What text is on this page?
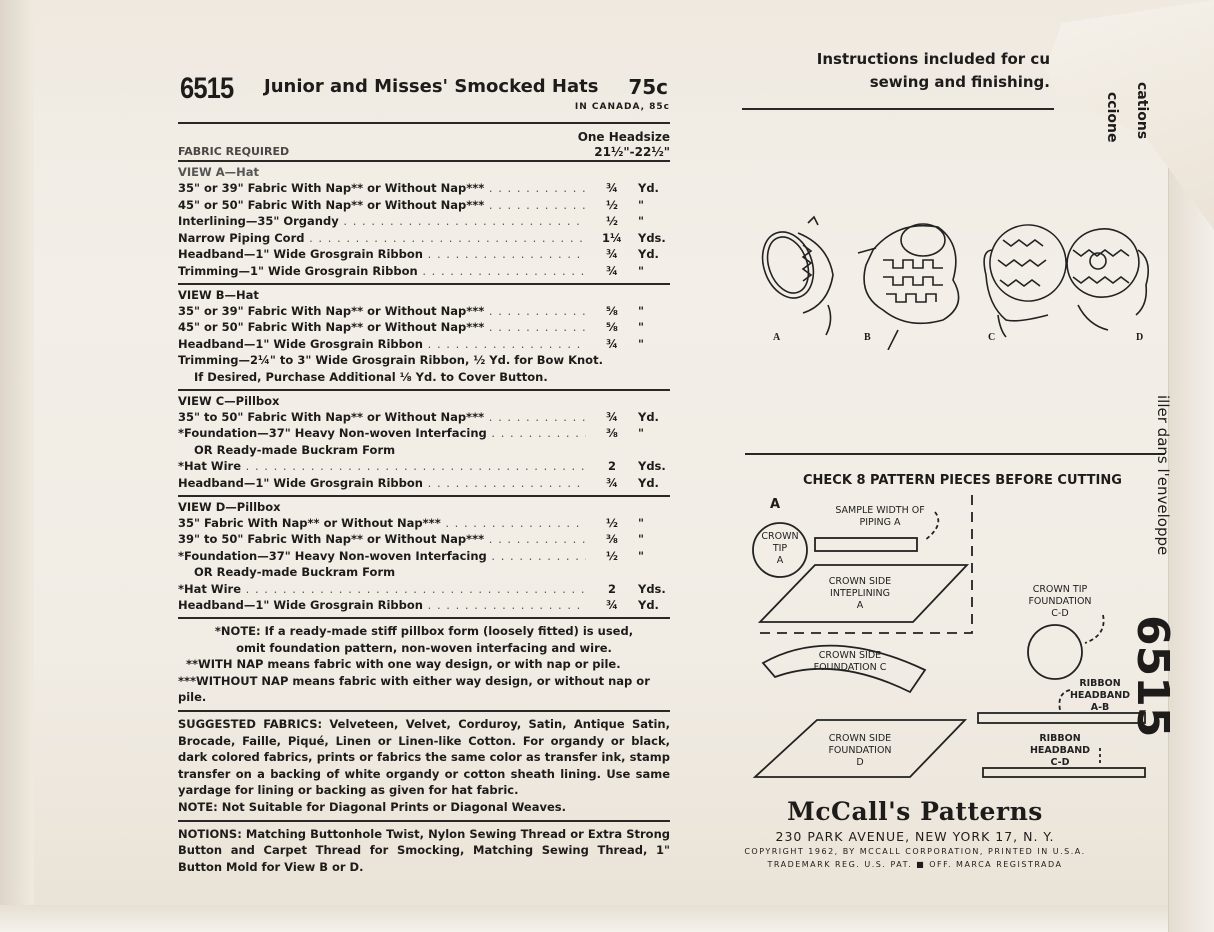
6515 Junior and Misses' Smocked Hats 75c
IN CANADA, 85c
FABRIC REQUIRED
One Headsize
21½"-22½"
VIEW A—Hat
35" or 39" Fabric With Nap** or Without Nap*** . . .	¾	Yd.
45" or 50" Fabric With Nap** or Without Nap*** . . .	½	"
Interlining—35" Organdy . . .	½	"
Narrow Piping Cord . . .	1¼	Yds.
Headband—1" Wide Grosgrain Ribbon . . .	¾	Yd.
Trimming—1" Wide Grosgrain Ribbon . . .	¾	"
VIEW B—Hat
35" or 39" Fabric With Nap** or Without Nap*** . . .	⅝	"
45" or 50" Fabric With Nap** or Without Nap*** . . .	⅝	"
Headband—1" Wide Grosgrain Ribbon . . .	¾	"
Trimming—2¼" to 3" Wide Grosgrain Ribbon, ½ Yd. for Bow Knot.
If Desired, Purchase Additional ⅛ Yd. to Cover Button.
VIEW C—Pillbox
35" to 50" Fabric With Nap** or Without Nap*** . . .	¾	Yd.
*Foundation—37" Heavy Non-woven Interfacing . . .	⅜	"
OR Ready-made Buckram Form
*Hat Wire . . .	2	Yds.
Headband—1" Wide Grosgrain Ribbon . . .	¾	Yd.
VIEW D—Pillbox
35" Fabric With Nap** or Without Nap*** . . .	½	"
39" to 50" Fabric With Nap** or Without Nap*** . . .	⅜	"
*Foundation—37" Heavy Non-woven Interfacing . . .	½	"
OR Ready-made Buckram Form
*Hat Wire . . .	2	Yds.
Headband—1" Wide Grosgrain Ribbon . . .	¾	Yd.
*NOTE: If a ready-made stiff pillbox form (loosely fitted) is used,
omit foundation pattern, non-woven interfacing and wire.
**WITH NAP means fabric with one way design, or with nap or pile.
***WITHOUT NAP means fabric with either way design, or without nap or pile.
SUGGESTED FABRICS: Velveteen, Velvet, Corduroy, Satin, Antique Satin, Brocade, Faille, Piqué, Linen or Linen-like Cotton. For organdy or black, dark colored fabrics, prints or fabrics the same color as transfer ink, stamp transfer on a backing of white organdy or cotton sheath lining. Use same yardage for lining or backing as given for hat fabric.
NOTE: Not Suitable for Diagonal Prints or Diagonal Weaves.
NOTIONS: Matching Buttonhole Twist, Nylon Sewing Thread or Extra Strong Button and Carpet Thread for Smocking, Matching Sewing Thread, 1" Button Mold for View B or D.
Instructions included for cu
sewing and finishing.	cations
ccione
A	B	C	D
CHECK 8 PATTERN PIECES BEFORE CUTTING
A	SAMPLE WIDTH OF PIPING A
CROWN
TIP
A
CROWN SIDE
INTEPLINING
A
CROWN TIP
FOUNDATION
C-D
CROWN SIDE
FOUNDATION C
RIBBON
HEADBAND
A-B
CROWN SIDE
FOUNDATION
D
RIBBON
HEADBAND
C-D
McCall's Patterns
230 PARK AVENUE, NEW YORK 17, N. Y.
COPYRIGHT 1962, BY MCCALL CORPORATION, PRINTED IN U.S.A.
TRADEMARK REG. U.S. PAT. ■ OFF. MARCA REGISTRADA
iller dans l'enveloppe
6515
